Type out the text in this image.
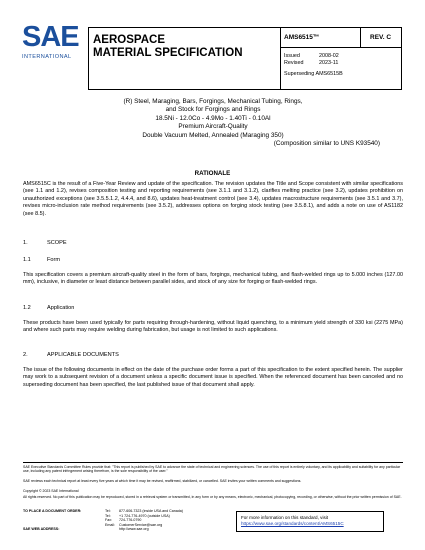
SAE
INTERNATIONAL
AEROSPACE
MATERIAL SPECIFICATION
AMS6515™	REV. C
Issued	2008-02
Revised	2023-11
Superseding AMS6515B
(R) Steel, Maraging, Bars, Forgings, Mechanical Tubing, Rings,
and Stock for Forgings and Rings
18.5Ni - 12.0Co - 4.9Mo - 1.40Ti - 0.10Al
Premium Aircraft-Quality
Double Vacuum Melted, Annealed (Maraging 350)
(Composition similar to UNS K93540)
RATIONALE
AMS6515C is the result of a Five-Year Review and update of the specification. The revision updates the Title and Scope consistent with similar specifications (see 1.1 and 1.2), revises composition testing and reporting requirements (see 3.1.1 and 3.1.2), clarifies melting practice (see 3.2), updates prohibition on unauthorized exceptions (see 3.5.5.1.2, 4.4.4, and 8.6), updates heat-treatment control (see 3.4), updates macrostructure requirements (see 3.5.1 and 3.7), revises micro-inclusion rate method requirements (see 3.5.2), addresses options on forging stock testing (see 3.5.8.1), and adds a note on use of AS1182 (see 8.5).
1.	SCOPE
1.1	Form
This specification covers a premium aircraft-quality steel in the form of bars, forgings, mechanical tubing, and flash-welded rings up to 5.000 inches (127.00 mm), inclusive, in diameter or least distance between parallel sides, and stock of any size for forging or flash-welded rings.
1.2	Application
These products have been used typically for parts requiring through-hardening, without liquid quenching, to a minimum yield strength of 330 ksi (2275 MPa) and where such parts may require welding during fabrication, but usage is not limited to such applications.
2.	APPLICABLE DOCUMENTS
The issue of the following documents in effect on the date of the purchase order forms a part of this specification to the extent specified herein. The supplier may work to a subsequent revision of a document unless a specific document issue is specified. When the referenced document has been canceled and no superseding document has been specified, the last published issue of that document shall apply.
SAE Executive Standards Committee Rules provide that: "This report is published by SAE to advance the state of technical and engineering sciences. The use of this report is entirely voluntary, and its applicability and suitability for any particular use, including any patent infringement arising therefrom, is the sole responsibility of the user."
SAE reviews each technical report at least every five years at which time it may be revised, reaffirmed, stabilized, or cancelled. SAE invites your written comments and suggestions.
Copyright © 2023 SAE International
All rights reserved. No part of this publication may be reproduced, stored in a retrieval system or transmitted, in any form or by any means, electronic, mechanical, photocopying, recording, or otherwise, without the prior written permission of SAE.
TO PLACE A DOCUMENT ORDER:	Tel:	877-606-7323 (inside USA and Canada)
Tel:	+1 724-776-4970 (outside USA)
Fax:	724-776-0790
Email:	CustomerService@sae.org
SAE WEB ADDRESS:	http://www.sae.org
For more information on this standard, visit
https://www.sae.org/standards/content/AMS6515C
